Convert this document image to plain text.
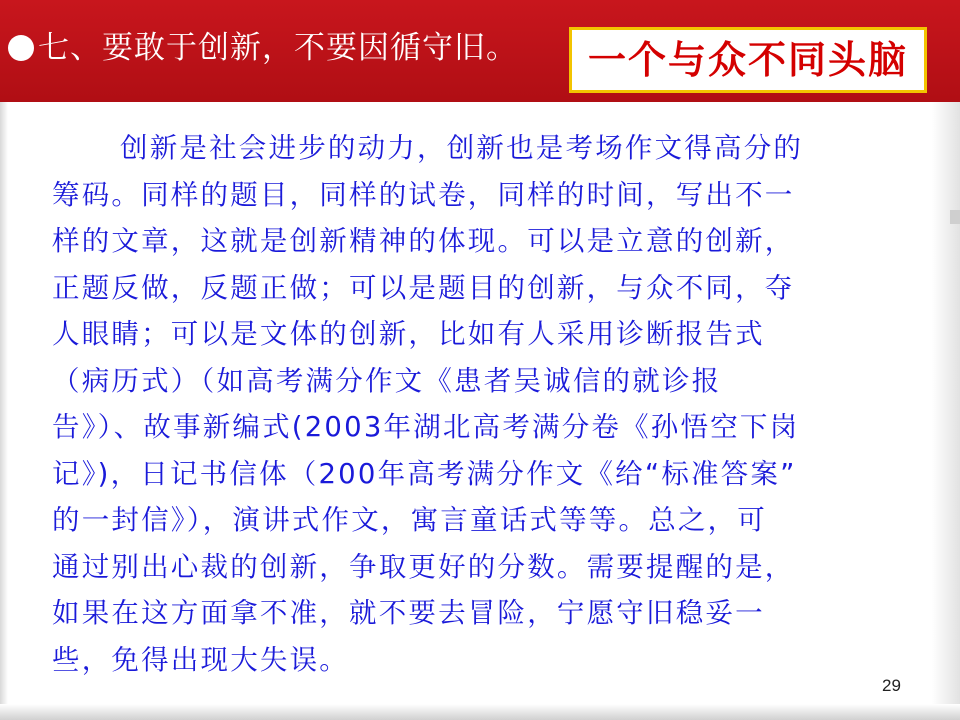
七、要敢于创新，不要因循守旧。	一个与众不同头脑
创新是社会进步的动力，创新也是考场作文得高分的
筹码。同样的题目，同样的试卷，同样的时间，写出不一
样的文章，这就是创新精神的体现。可以是立意的创新，
正题反做，反题正做；可以是题目的创新，与众不同，夺
人眼睛；可以是文体的创新，比如有人采用诊断报告式
（病历式）（如高考满分作文《患者吴诚信的就诊报
告》）、故事新编式(2003年湖北高考满分卷《孙悟空下岗
记》)，日记书信体（200年高考满分作文《给“标准答案”
的一封信》），演讲式作文，寓言童话式等等。总之，可
通过别出心裁的创新，争取更好的分数。需要提醒的是，
如果在这方面拿不准，就不要去冒险，宁愿守旧稳妥一
些，免得出现大失误。
29
